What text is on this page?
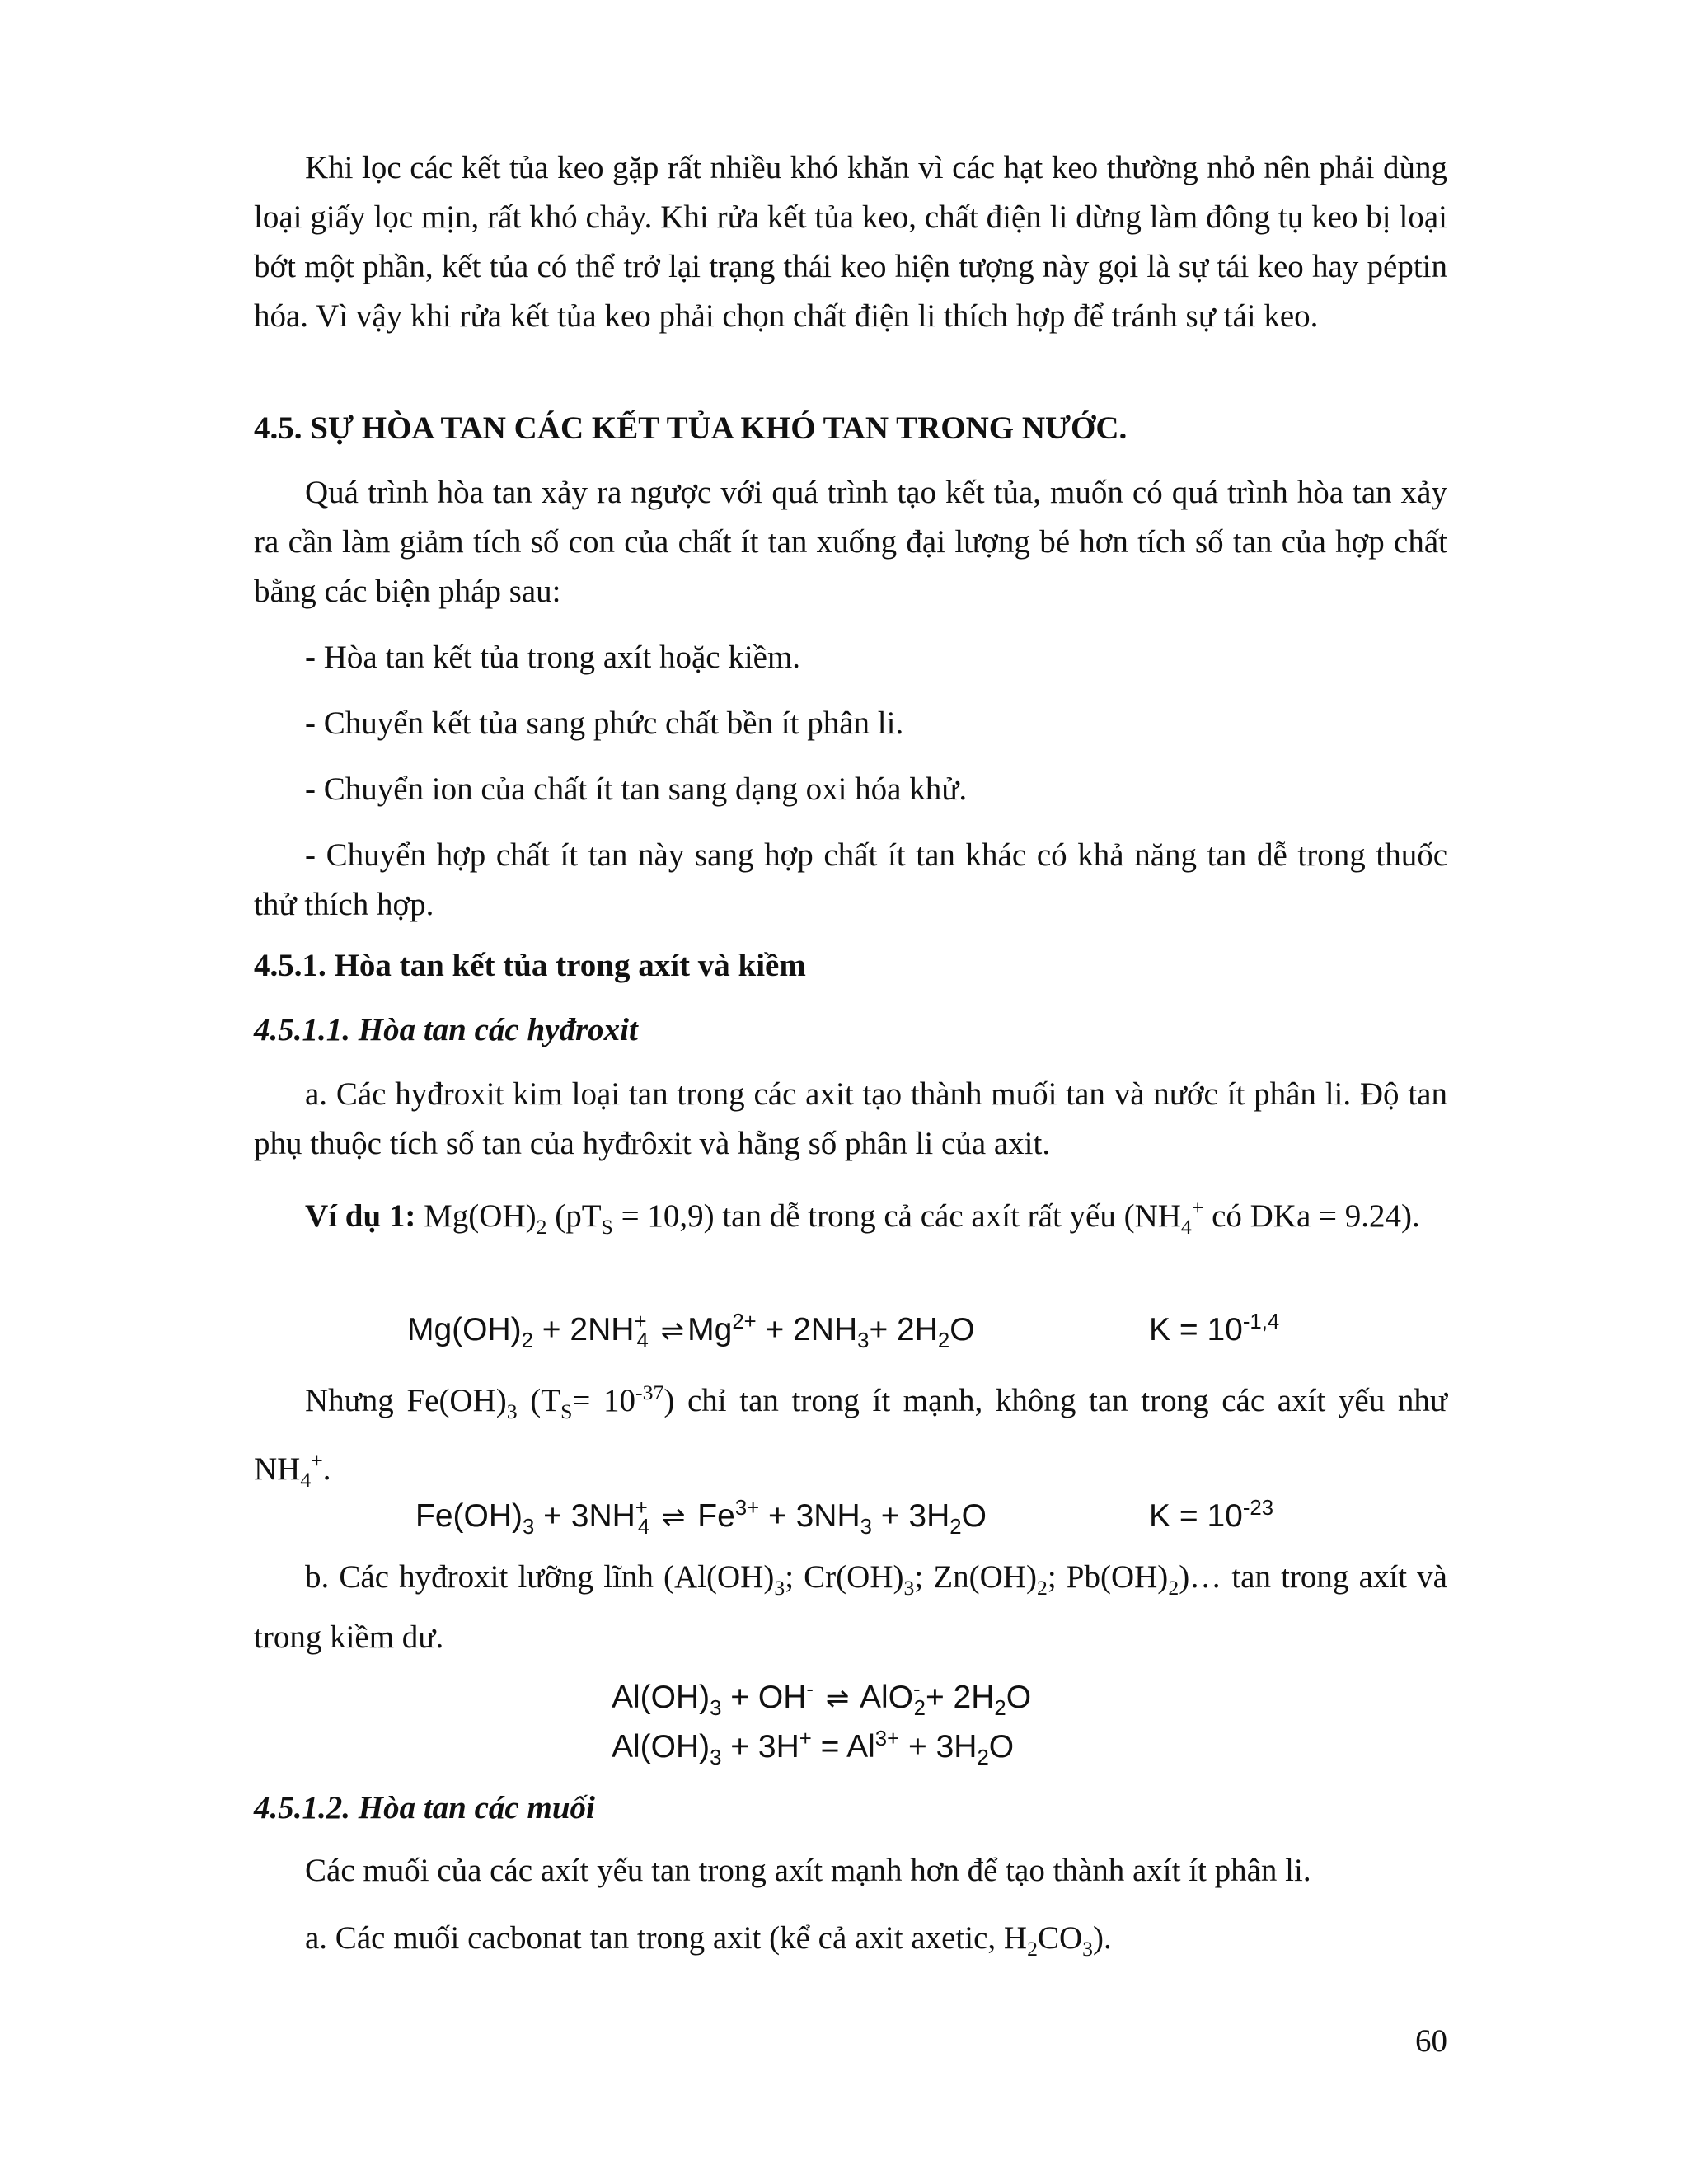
Khi lọc các kết tủa keo gặp rất nhiều khó khăn vì các hạt keo thường nhỏ nên phải dùng loại giấy lọc mịn, rất khó chảy. Khi rửa kết tủa keo, chất điện li dừng làm đông tụ keo bị loại bớt một phần, kết tủa có thể trở lại trạng thái keo hiện tượng này gọi là sự tái keo hay péptin hóa. Vì vậy khi rửa kết tủa keo phải chọn chất điện li thích hợp để tránh sự tái keo.

4.5. SỰ HÒA TAN CÁC KẾT TỦA KHÓ TAN TRONG NƯỚC.

Quá trình hòa tan xảy ra ngược với quá trình tạo kết tủa, muốn có quá trình hòa tan xảy ra cần làm giảm tích số con của chất ít tan xuống đại lượng bé hơn tích số tan của hợp chất bằng các biện pháp sau:

- Hòa tan kết tủa trong axít hoặc kiềm.

- Chuyển kết tủa sang phức chất bền ít phân li.

- Chuyển ion của chất ít tan sang dạng oxi hóa khử.

- Chuyển hợp chất ít tan này sang hợp chất ít tan khác có khả năng tan dễ trong thuốc thử thích hợp.

4.5.1. Hòa tan kết tủa trong axít và kiềm

4.5.1.1. Hòa tan các hyđroxit

a. Các hyđroxit kim loại tan trong các axit tạo thành muối tan và nước ít phân li. Độ tan phụ thuộc tích số tan của hyđrôxit và hằng số phân li của axit.

Ví dụ 1: $Mg(OH)_2$ $(pT_S = 10,9)$ tan dễ trong cả các axít rất yếu ($NH_4^+$ có DKa = 9.24).

$Mg(OH)_2 + 2NH^+_4$ ⇌ $Mg^{2+} + 2NH_3+ 2H_2O$	$K = 10^{-1,4}$

Nhưng $Fe(OH)_3$ $(T_S= 10^{-37})$ chỉ tan trong ít mạnh, không tan trong các axít yếu như $NH_4^+$.

$Fe(OH)_3 + 3NH^+_4$ ⇌ $Fe^{3+} + 3NH_3 + 3H_2O$	$K = 10^{-23}$

b. Các hyđroxit lưỡng lĩnh ($Al(OH)_3$; $Cr(OH)_3$; $Zn(OH)_2$; $Pb(OH)_2)\dots$ tan trong axít và trong kiềm dư.

$Al(OH)_3 + OH^-$ ⇌ $AlO^-_2+ 2H_2O$
$Al(OH)_3 + 3H^+ = Al^{3+} + 3H_2O$

4.5.1.2. Hòa tan các muối

Các muối của các axít yếu tan trong axít mạnh hơn để tạo thành axít ít phân li.

a. Các muối cacbonat tan trong axit (kể cả axit axetic, $H_2CO_3$).

60
